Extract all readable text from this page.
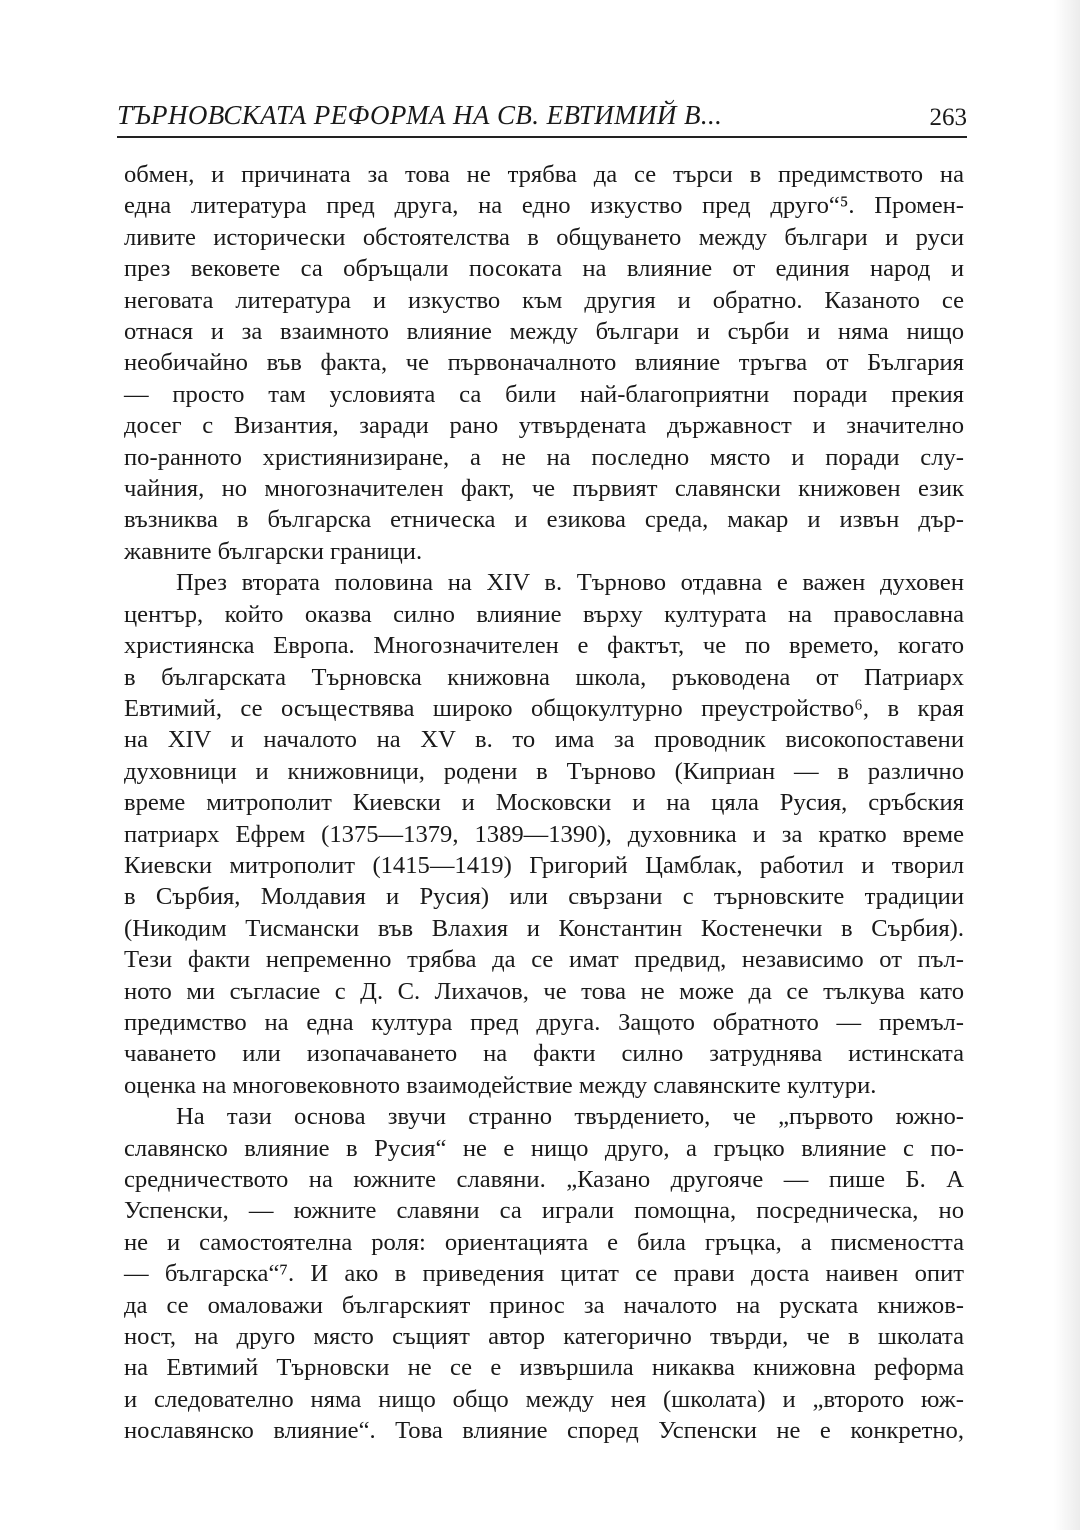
ТЪРНОВСКАТА РЕФОРМА НА СВ. ЕВТИМИЙ В...	263

обмен, и причината за това не трябва да се търси в предимството на
една литература пред друга, на едно изкуство пред друго“⁵. Промен-
ливите исторически обстоятелства в общуването между българи и руси
през вековете са обръщали посоката на влияние от единия народ и
неговата литература и изкуство към другия и обратно. Казаното се
отнася и за взаимното влияние между българи и сърби и няма нищо
необичайно във факта, че първоначалното влияние тръгва от България
— просто там условията са били най-благоприятни поради прекия
досег с Византия, заради рано утвърдената държавност и значително
по-ранното християнизиране, а не на последно място и поради слу-
чайния, но многозначителен факт, че първият славянски книжовен език
възниква в българска етническа и езикова среда, макар и извън дър-
жавните български граници.

През втората половина на XIV в. Търново отдавна е важен духовен
център, който оказва силно влияние върху културата на православна
християнска Европа. Многозначителен е фактът, че по времето, когато
в българската Търновска книжовна школа, ръководена от Патриарх
Евтимий, се осъществява широко общокултурно преустройство⁶, в края
на XIV и началото на XV в. то има за проводник високопоставени
духовници и книжовници, родени в Търново (Киприан — в различно
време митрополит Киевски и Московски и на цяла Русия, сръбския
патриарх Ефрем (1375—1379, 1389—1390), духовника и за кратко време
Киевски митрополит (1415—1419) Григорий Цамблак, работил и творил
в Сърбия, Молдавия и Русия) или свързани с търновските традиции
(Никодим Тисмански във Влахия и Константин Костенечки в Сърбия).
Тези факти непременно трябва да се имат предвид, независимо от пъл-
ното ми съгласие с Д. С. Лихачов, че това не може да се тълкува като
предимство на една култура пред друга. Защото обратното — премъл-
чаването или изопачаването на факти силно затруднява истинската
оценка на многовековното взаимодействие между славянските култури.

На тази основа звучи странно твърдението, че „първото южно-
славянско влияние в Русия“ не е нищо друго, а гръцко влияние с по-
средничеството на южните славяни. „Казано другояче — пише Б. А
Успенски, — южните славяни са играли помощна, посредническа, но
не и самостоятелна роля: ориентацията е била гръцка, а писмеността
— българска“⁷. И ако в приведения цитат се прави доста наивен опит
да се омаловажи българският принос за началото на руската книжов-
ност, на друго място същият автор категорично твърди, че в школата
на Евтимий Търновски не се е извършила никаква книжовна реформа
и следователно няма нищо общо между нея (школата) и „второто юж-
нославянско влияние“. Това влияние според Успенски не е конкретно,
